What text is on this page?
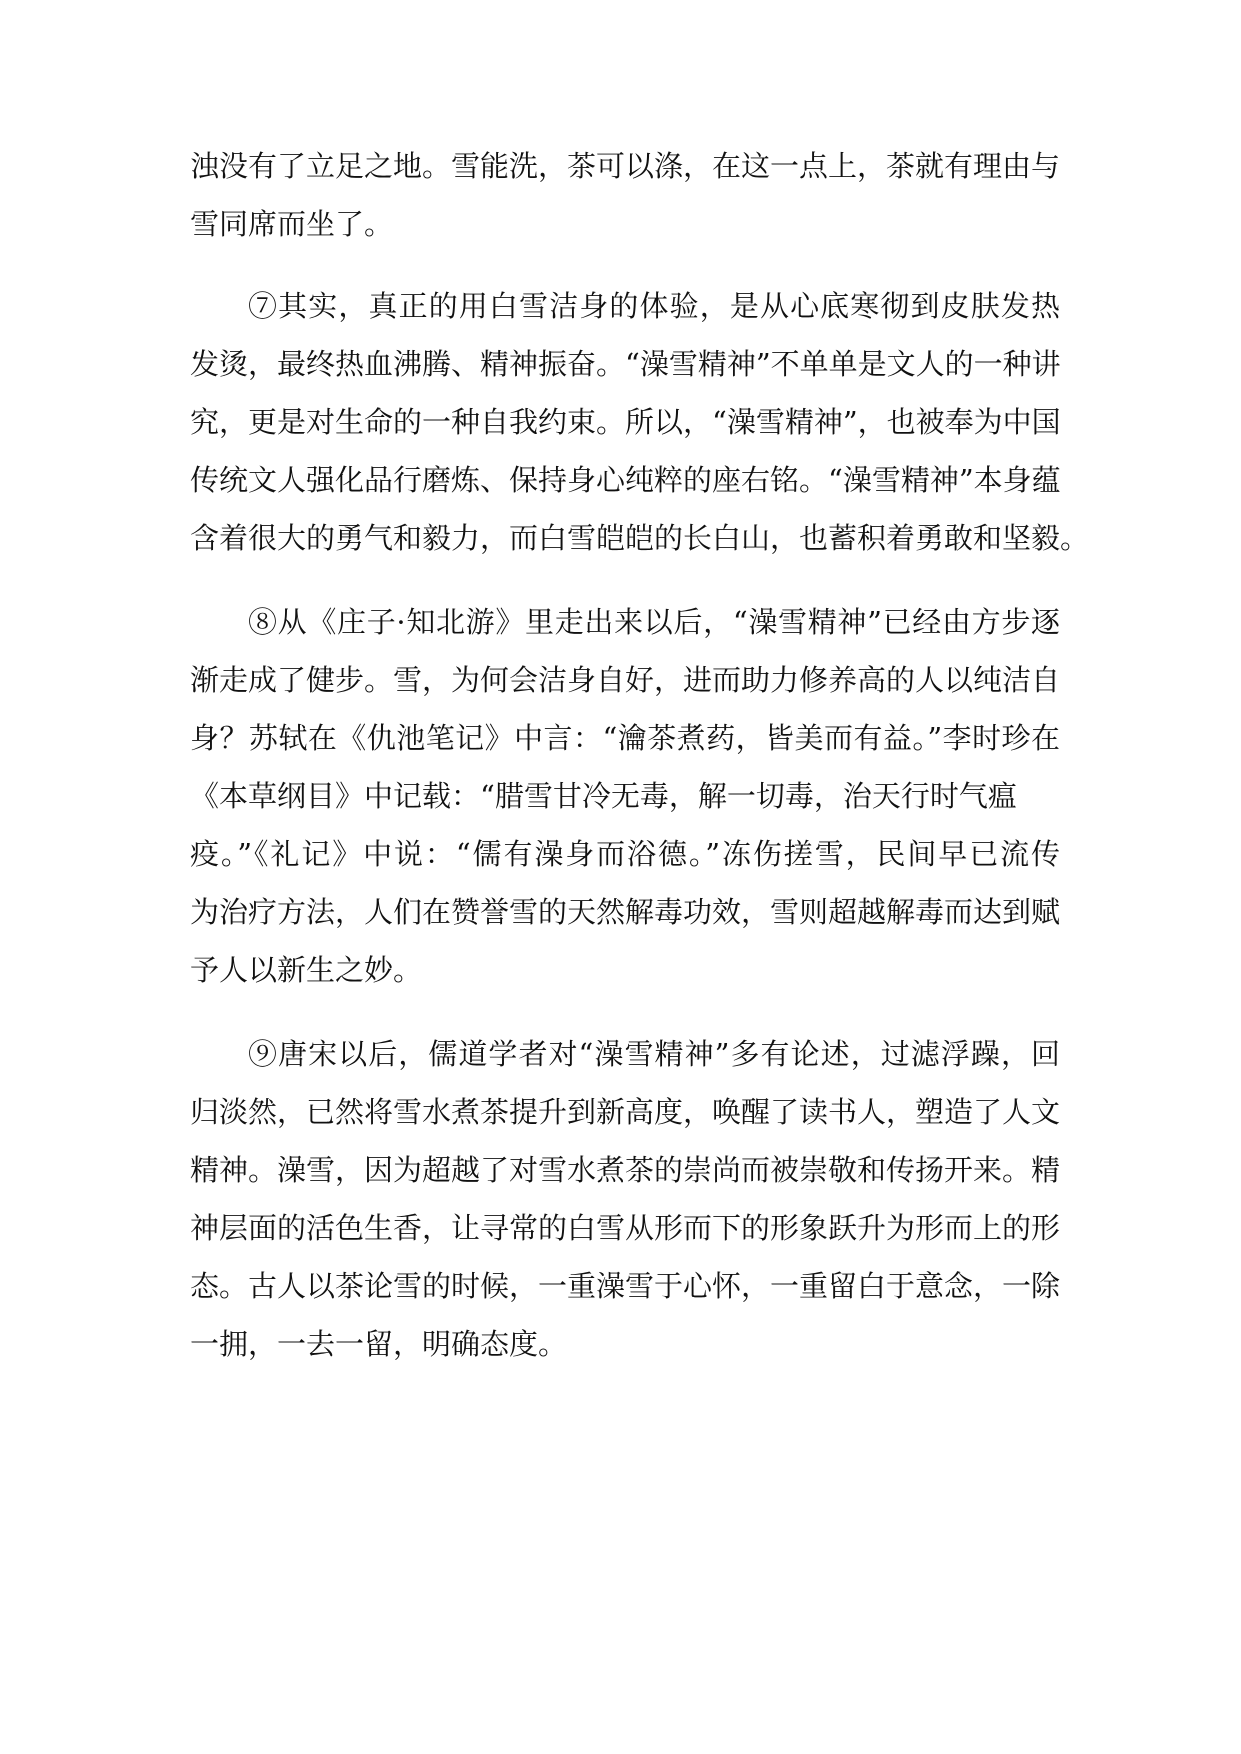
浊没有了立足之地。雪能洗，茶可以涤，在这一点上，茶就有理由与
雪同席而坐了。
⑦其实，真正的用白雪洁身的体验，是从心底寒彻到皮肤发热
发烫，最终热血沸腾、精神振奋。“澡雪精神”不单单是文人的一种讲
究，更是对生命的一种自我约束。所以，“澡雪精神”，也被奉为中国
传统文人强化品行磨炼、保持身心纯粹的座右铭。“澡雪精神”本身蕴
含着很大的勇气和毅力，而白雪皑皑的长白山，也蓄积着勇敢和坚毅。
⑧从《庄子·知北游》里走出来以后，“澡雪精神”已经由方步逐
渐走成了健步。雪，为何会洁身自好，进而助力修养高的人以纯洁自
身？苏轼在《仇池笔记》中言：“瀹茶煮药，皆美而有益。”李时珍在
《本草纲目》中记载：“腊雪甘冷无毒，解一切毒，治天行时气瘟
疫。”《礼记》中说：“儒有澡身而浴德。”冻伤搓雪，民间早已流传
为治疗方法，人们在赞誉雪的天然解毒功效，雪则超越解毒而达到赋
予人以新生之妙。
⑨唐宋以后，儒道学者对“澡雪精神”多有论述，过滤浮躁，回
归淡然，已然将雪水煮茶提升到新高度，唤醒了读书人，塑造了人文
精神。澡雪，因为超越了对雪水煮茶的崇尚而被崇敬和传扬开来。精
神层面的活色生香，让寻常的白雪从形而下的形象跃升为形而上的形
态。古人以茶论雪的时候，一重澡雪于心怀，一重留白于意念，一除
一拥，一去一留，明确态度。
